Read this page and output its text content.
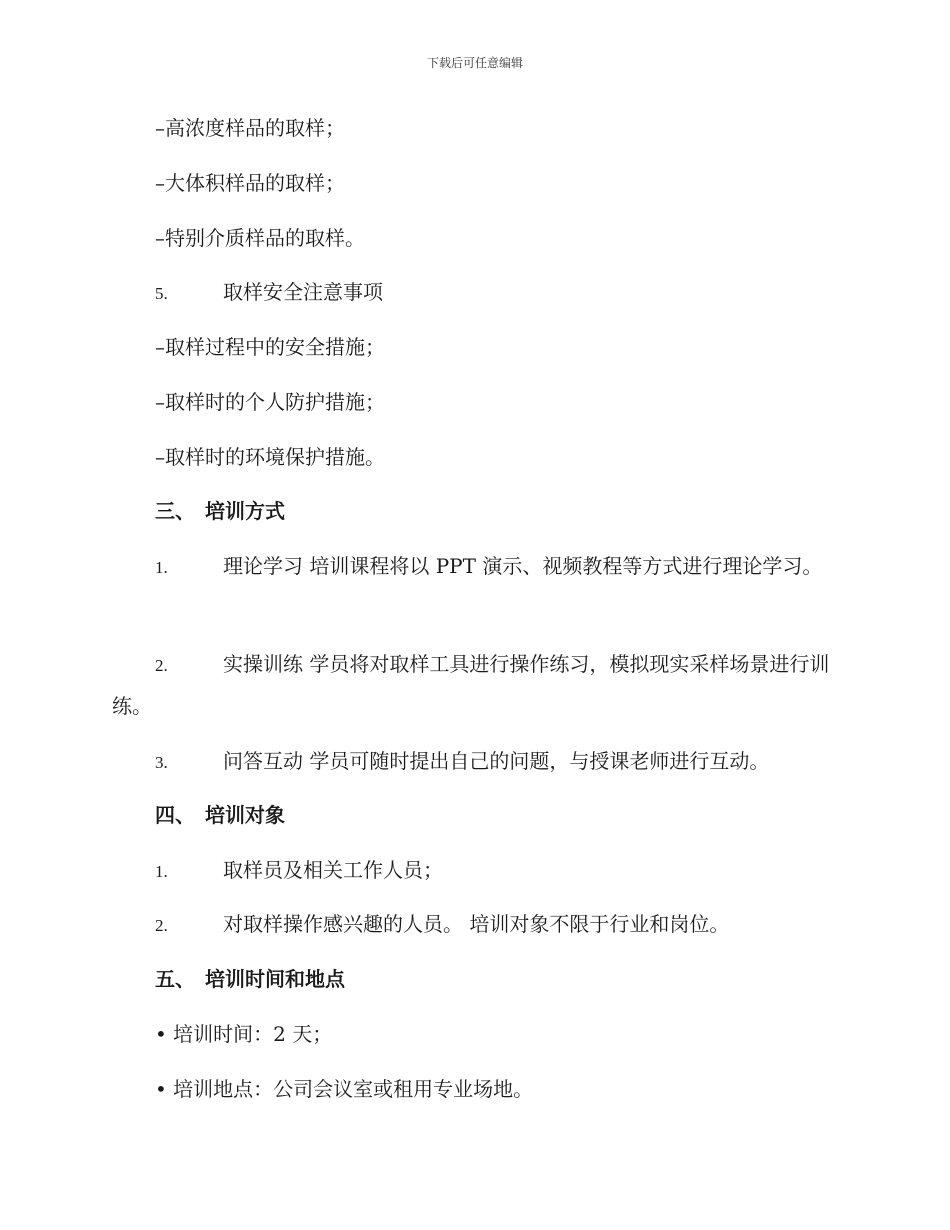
下载后可任意编辑
–高浓度样品的取样；
–大体积样品的取样；
–特别介质样品的取样。
5.	取样安全注意事项
–取样过程中的安全措施；
–取样时的个人防护措施；
–取样时的环境保护措施。
三、 培训方式
1.	理论学习 培训课程将以 PPT 演示、视频教程等方式进行理论学习。
2.	实操训练 学员将对取样工具进行操作练习，模拟现实采样场景进行训练。
3.	问答互动 学员可随时提出自己的问题，与授课老师进行互动。
四、 培训对象
1.	取样员及相关工作人员；
2.	对取样操作感兴趣的人员。 培训对象不限于行业和岗位。
五、 培训时间和地点
• 培训时间：2 天；
• 培训地点：公司会议室或租用专业场地。
